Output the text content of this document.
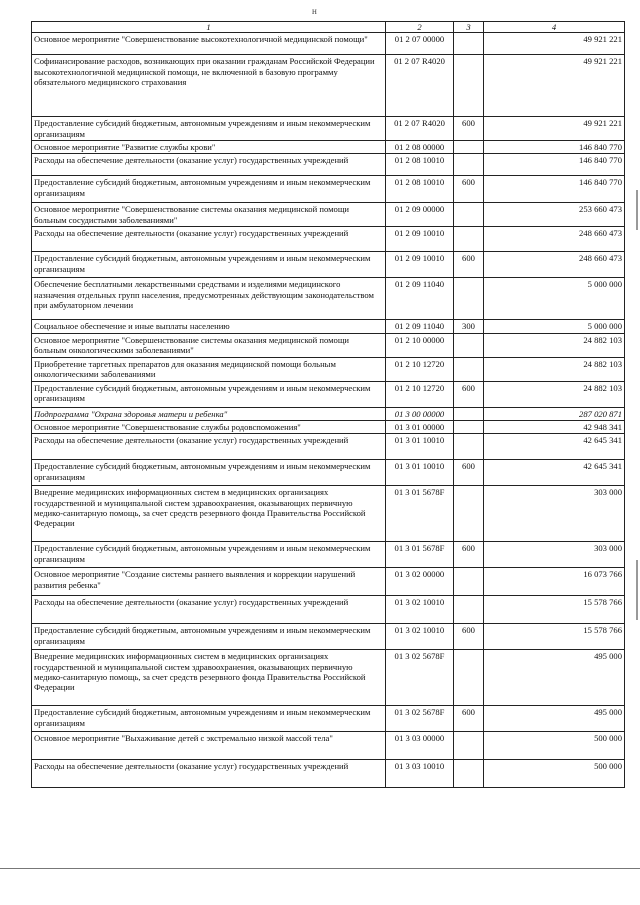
н
1	2	3	4
Основное мероприятие "Совершенствование высокотехнологичной медицинской помощи"	01 2 07 00000		49 921 221
Софинансирование расходов, возникающих при оказании гражданам Российской Федерации высокотехнологичной медицинской помощи, не включенной в базовую программу обязательного медицинского страхования	01 2 07 R4020		49 921 221
Предоставление субсидий бюджетным, автономным учреждениям и иным некоммерческим организациям	01 2 07 R4020	600	49 921 221
Основное мероприятие "Развитие службы крови"	01 2 08 00000		146 840 770
Расходы на обеспечение деятельности (оказание услуг) государственных учреждений	01 2 08 10010		146 840 770
Предоставление субсидий бюджетным, автономным учреждениям и иным некоммерческим организациям	01 2 08 10010	600	146 840 770
Основное мероприятие "Совершенствование системы оказания медицинской помощи больным сосудистыми заболеваниями"	01 2 09 00000		253 660 473
Расходы на обеспечение деятельности (оказание услуг) государственных учреждений	01 2 09 10010		248 660 473
Предоставление субсидий бюджетным, автономным учреждениям и иным некоммерческим организациям	01 2 09 10010	600	248 660 473
Обеспечение бесплатными лекарственными средствами и изделиями медицинского назначения отдельных групп населения, предусмотренных действующим законодательством при амбулаторном лечении	01 2 09 11040		5 000 000
Социальное обеспечение и иные выплаты населению	01 2 09 11040	300	5 000 000
Основное мероприятие "Совершенствование системы оказания медицинской помощи больным онкологическими заболеваниями"	01 2 10 00000		24 882 103
Приобретение таргетных препаратов для оказания медицинской помощи больным онкологическими заболеваниями	01 2 10 12720		24 882 103
Предоставление субсидий бюджетным, автономным учреждениям и иным некоммерческим организациям	01 2 10 12720	600	24 882 103
Подпрограмма "Охрана здоровья матери и ребенка"	01 3 00 00000		287 020 871
Основное мероприятие "Совершенствование службы родовспоможения"	01 3 01 00000		42 948 341
Расходы на обеспечение деятельности (оказание услуг) государственных учреждений	01 3 01 10010		42 645 341
Предоставление субсидий бюджетным, автономным учреждениям и иным некоммерческим организациям	01 3 01 10010	600	42 645 341
Внедрение медицинских информационных систем в медицинских организациях государственной и муниципальной систем здравоохранения, оказывающих первичную медико-санитарную помощь, за счет средств резервного фонда Правительства Российской Федерации	01 3 01 5678F		303 000
Предоставление субсидий бюджетным, автономным учреждениям и иным некоммерческим организациям	01 3 01 5678F	600	303 000
Основное мероприятие "Создание системы раннего выявления и коррекции нарушений развития ребенка"	01 3 02 00000		16 073 766
Расходы на обеспечение деятельности (оказание услуг) государственных учреждений	01 3 02 10010		15 578 766
Предоставление субсидий бюджетным, автономным учреждениям и иным некоммерческим организациям	01 3 02 10010	600	15 578 766
Внедрение медицинских информационных систем в медицинских организациях государственной и муниципальной систем здравоохранения, оказывающих первичную медико-санитарную помощь, за счет средств резервного фонда Правительства Российской Федерации	01 3 02 5678F		495 000
Предоставление субсидий бюджетным, автономным учреждениям и иным некоммерческим организациям	01 3 02 5678F	600	495 000
Основное мероприятие "Выхаживание детей с экстремально низкой массой тела"	01 3 03 00000		500 000
Расходы на обеспечение деятельности (оказание услуг) государственных учреждений	01 3 03 10010		500 000
